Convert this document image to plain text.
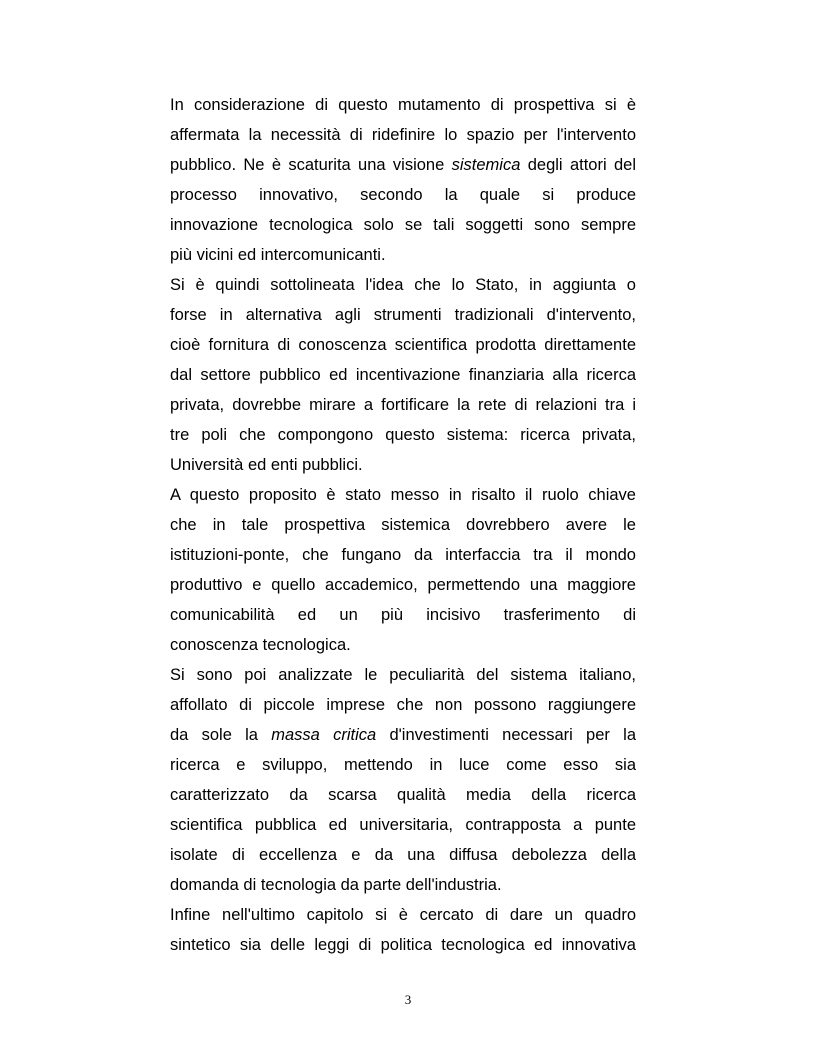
In considerazione di questo mutamento di prospettiva si è
affermata la necessità di ridefinire lo spazio per l'intervento
pubblico. Ne è scaturita una visione sistemica degli attori del
processo innovativo, secondo la quale si produce
innovazione tecnologica solo se tali soggetti sono sempre
più vicini ed intercomunicanti.
Si è quindi sottolineata l'idea che lo Stato, in aggiunta o
forse in alternativa agli strumenti tradizionali d'intervento,
cioè fornitura di conoscenza scientifica prodotta direttamente
dal settore pubblico ed incentivazione finanziaria alla ricerca
privata, dovrebbe mirare a fortificare la rete di relazioni tra i
tre poli che compongono questo sistema: ricerca privata,
Università ed enti pubblici.
A questo proposito è stato messo in risalto il ruolo chiave
che in tale prospettiva sistemica dovrebbero avere le
istituzioni-ponte, che fungano da interfaccia tra il mondo
produttivo e quello accademico, permettendo una maggiore
comunicabilità ed un più incisivo trasferimento di
conoscenza tecnologica.
Si sono poi analizzate le peculiarità del sistema italiano,
affollato di piccole imprese che non possono raggiungere
da sole la massa critica d'investimenti necessari per la
ricerca e sviluppo, mettendo in luce come esso sia
caratterizzato da scarsa qualità media della ricerca
scientifica pubblica ed universitaria, contrapposta a punte
isolate di eccellenza e da una diffusa debolezza della
domanda di tecnologia da parte dell'industria.
Infine nell'ultimo capitolo si è cercato di dare un quadro
sintetico sia delle leggi di politica tecnologica ed innovativa
3
